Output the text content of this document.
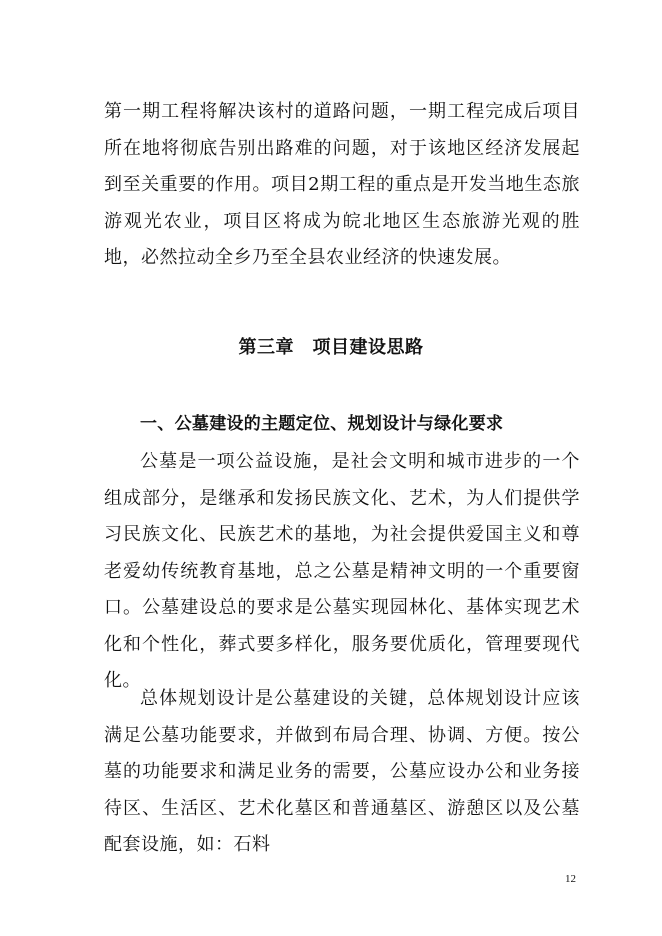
第一期工程将解决该村的道路问题，一期工程完成后项目所在地将彻底告别出路难的问题，对于该地区经济发展起到至关重要的作用。项目2期工程的重点是开发当地生态旅游观光农业，项目区将成为皖北地区生态旅游光观的胜地，必然拉动全乡乃至全县农业经济的快速发展。

第三章　项目建设思路
一、公墓建设的主题定位、规划设计与绿化要求

公墓是一项公益设施，是社会文明和城市进步的一个组成部分，是继承和发扬民族文化、艺术，为人们提供学习民族文化、民族艺术的基地，为社会提供爱国主义和尊老爱幼传统教育基地，总之公墓是精神文明的一个重要窗口。公墓建设总的要求是公墓实现园林化、基体实现艺术化和个性化，葬式要多样化，服务要优质化，管理要现代化。

总体规划设计是公墓建设的关键，总体规划设计应该满足公墓功能要求，并做到布局合理、协调、方便。按公墓的功能要求和满足业务的需要，公墓应设办公和业务接待区、生活区、艺术化墓区和普通墓区、游憩区以及公墓配套设施，如：石料

12
